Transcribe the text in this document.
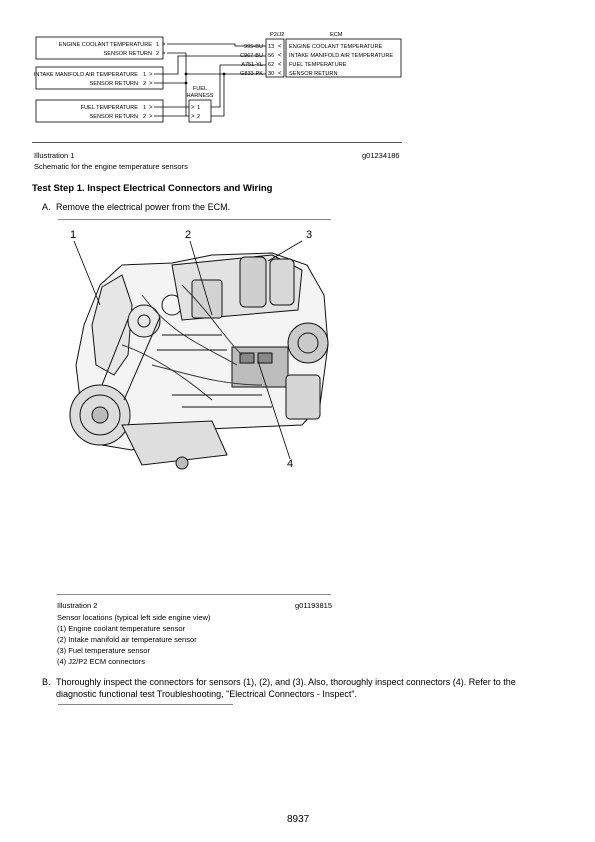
ENGINE COOLANT TEMPERATURE
SENSOR RETURN
1
2
>
>
INTAKE MANIFOLD AIR TEMPERATURE
SENSOR RETURN
1
2
>
>
FUEL TEMPERATURE
SENSOR RETURN
1
2
>
>
FUEL
HARNESS
>
>
1
2
P2/J2	ECM
13
56
62
30
<
<
<
<
ENGINE COOLANT TEMPERATURE
INTAKE MANIFOLD AIR TEMPERATURE
FUEL TEMPERATURE
SENSOR RETURN
995-BU
C967-BU
A751-YL
G833-PK
Illustration 1	g01234186
Schematic for the engine temperature sensors
Test Step 1. Inspect Electrical Connectors and Wiring
A. Remove the electrical power from the ECM.
1	2	3
4
Illustration 2	g01193815
Sensor locations (typical left side engine view)
(1) Engine coolant temperature sensor
(2) Intake manifold air temperature sensor
(3) Fuel temperature sensor
(4) J2/P2 ECM connectors
B. Thoroughly inspect the connectors for sensors (1), (2), and (3). Also, thoroughly inspect connectors (4). Refer to the
diagnostic functional test Troubleshooting, "Electrical Connectors - Inspect".
8937
